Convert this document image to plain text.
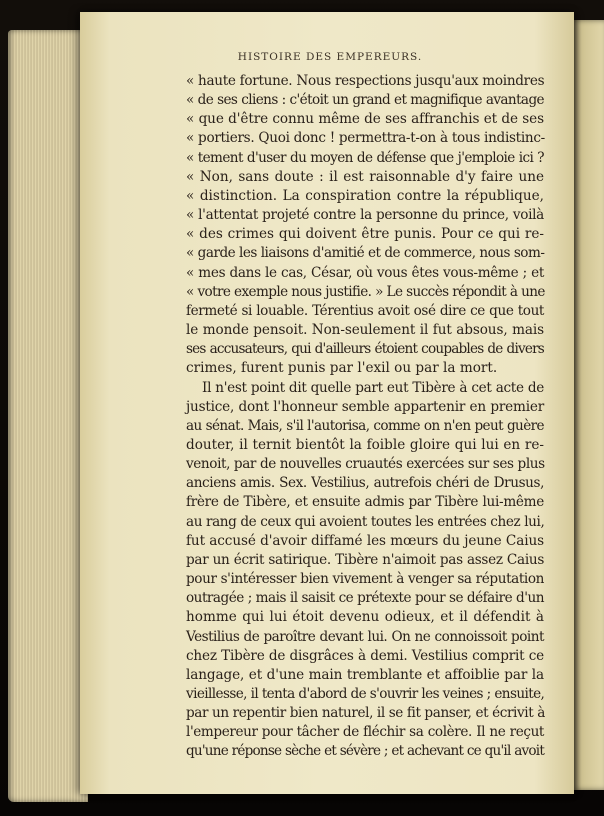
HISTOIRE DES EMPEREURS.
« haute fortune. Nous respections jusqu'aux moindres
« de ses cliens : c'étoit un grand et magnifique avantage
« que d'être connu même de ses affranchis et de ses
« portiers. Quoi donc ! permettra-t-on à tous indistinc-
« tement d'user du moyen de défense que j'emploie ici ?
« Non, sans doute : il est raisonnable d'y faire une
« distinction. La conspiration contre la république,
« l'attentat projeté contre la personne du prince, voilà
« des crimes qui doivent être punis. Pour ce qui re-
« garde les liaisons d'amitié et de commerce, nous som-
« mes dans le cas, César, où vous êtes vous-même ; et
« votre exemple nous justifie. » Le succès répondit à une
fermeté si louable. Térentius avoit osé dire ce que tout
le monde pensoit. Non-seulement il fut absous, mais
ses accusateurs, qui d'ailleurs étoient coupables de divers
crimes, furent punis par l'exil ou par la mort.
Il n'est point dit quelle part eut Tibère à cet acte de
justice, dont l'honneur semble appartenir en premier
au sénat. Mais, s'il l'autorisa, comme on n'en peut guère
douter, il ternit bientôt la foible gloire qui lui en re-
venoit, par de nouvelles cruautés exercées sur ses plus
anciens amis. Sex. Vestilius, autrefois chéri de Drusus,
frère de Tibère, et ensuite admis par Tibère lui-même
au rang de ceux qui avoient toutes les entrées chez lui,
fut accusé d'avoir diffamé les mœurs du jeune Caius
par un écrit satirique. Tibère n'aimoit pas assez Caius
pour s'intéresser bien vivement à venger sa réputation
outragée ; mais il saisit ce prétexte pour se défaire d'un
homme qui lui étoit devenu odieux, et il défendit à
Vestilius de paroître devant lui. On ne connoissoit point
chez Tibère de disgrâces à demi. Vestilius comprit ce
langage, et d'une main tremblante et affoiblie par la
vieillesse, il tenta d'abord de s'ouvrir les veines ; ensuite,
par un repentir bien naturel, il se fit panser, et écrivit à
l'empereur pour tâcher de fléchir sa colère. Il ne reçut
qu'une réponse sèche et sévère ; et achevant ce qu'il avoit
